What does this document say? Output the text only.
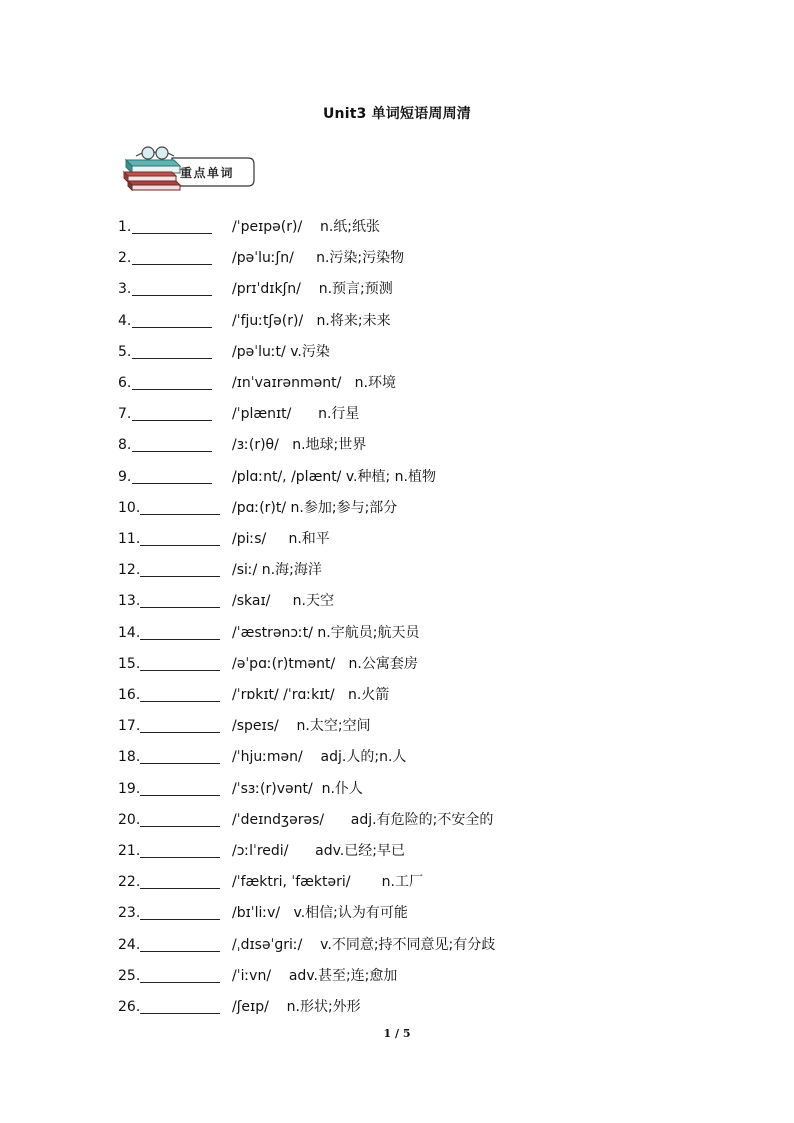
Unit3 单词短语周周清
重点单词
1.	/ˈpeɪpə(r)/    n.纸;纸张
2.	/pəˈluːʃn/     n.污染;污染物
3.	/prɪˈdɪkʃn/    n.预言;预测
4.	/ˈfjuːtʃə(r)/   n.将来;未来
5.	/pəˈluːt/ v.污染
6.	/ɪnˈvaɪrənmənt/   n.环境
7.	/ˈplænɪt/      n.行星
8.	/ɜː(r)θ/   n.地球;世界
9.	/plɑːnt/, /plænt/ v.种植; n.植物
10.	/pɑː(r)t/ n.参加;参与;部分
11.	/piːs/     n.和平
12.	/siː/ n.海;海洋
13.	/skaɪ/     n.天空
14.	/ˈæstrənɔːt/ n.宇航员;航天员
15.	/əˈpɑː(r)tmənt/   n.公寓套房
16.	/ˈrɒkɪt/ /ˈrɑːkɪt/   n.火箭
17.	/speɪs/    n.太空;空间
18.	/ˈhjuːmən/    adj.人的;n.人
19.	/ˈsɜː(r)vənt/  n.仆人
20.	/ˈdeɪndʒərəs/      adj.有危险的;不安全的
21.	/ɔːlˈredi/      adv.已经;早已
22.	/ˈfæktri, ˈfæktəri/       n.工厂
23.	/bɪˈliːv/   v.相信;认为有可能
24.	/ˌdɪsəˈɡriː/    v.不同意;持不同意见;有分歧
25.	/ˈiːvn/    adv.甚至;连;愈加
26.	/ʃeɪp/    n.形状;外形
1 / 5
